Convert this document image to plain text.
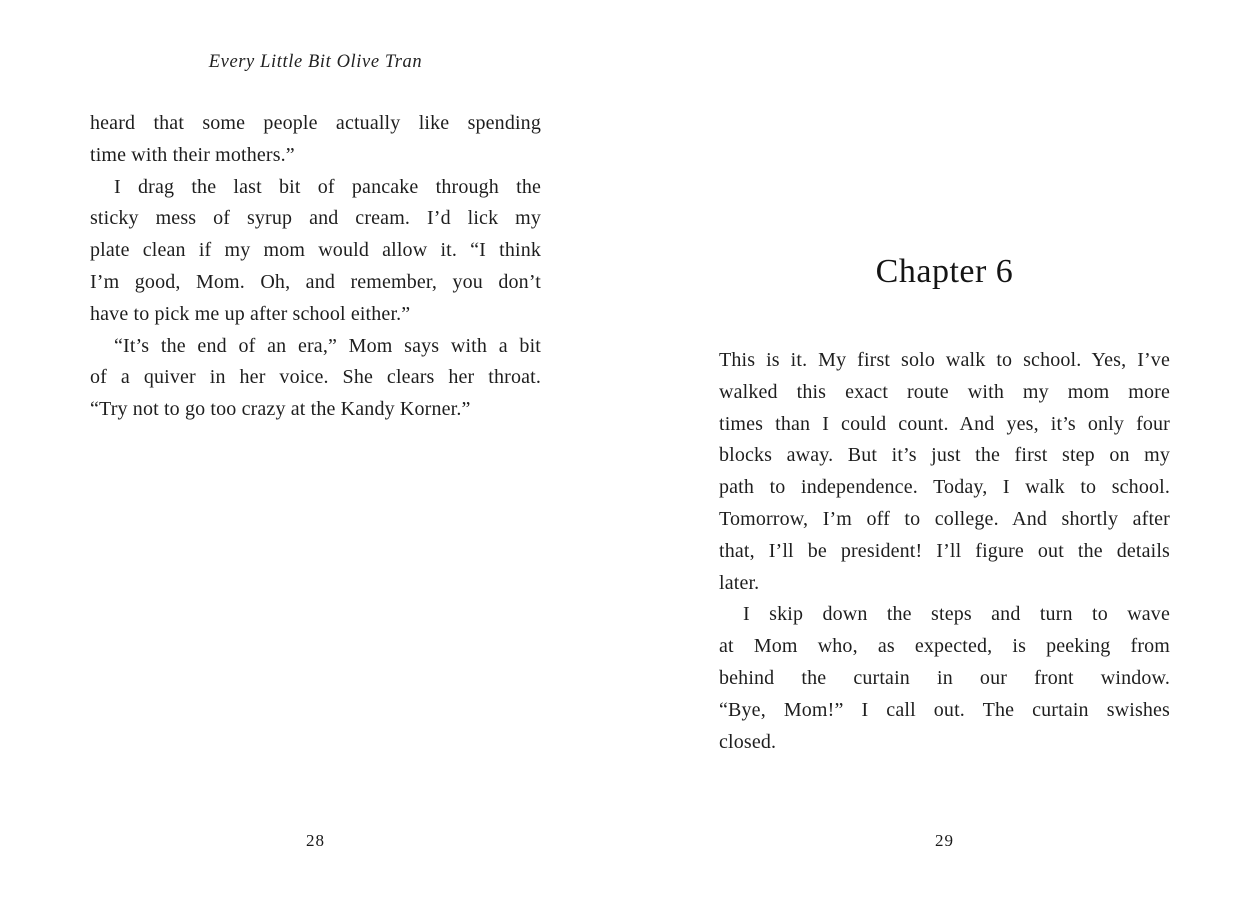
Every Little Bit Olive Tran
heard that some people actually like spending
time with their mothers.”
I drag the last bit of pancake through the
sticky mess of syrup and cream. I’d lick my
plate clean if my mom would allow it. “I think
I’m good, Mom. Oh, and remember, you don’t
have to pick me up after school either.”
“It’s the end of an era,” Mom says with a bit
of a quiver in her voice. She clears her throat.
“Try not to go too crazy at the Kandy Korner.”
28
Chapter 6
This is it. My first solo walk to school. Yes, I’ve
walked this exact route with my mom more
times than I could count. And yes, it’s only four
blocks away. But it’s just the first step on my
path to independence. Today, I walk to school.
Tomorrow, I’m off to college. And shortly after
that, I’ll be president! I’ll figure out the details
later.
I skip down the steps and turn to wave
at Mom who, as expected, is peeking from
behind the curtain in our front window.
“Bye, Mom!” I call out. The curtain swishes
closed.
29
